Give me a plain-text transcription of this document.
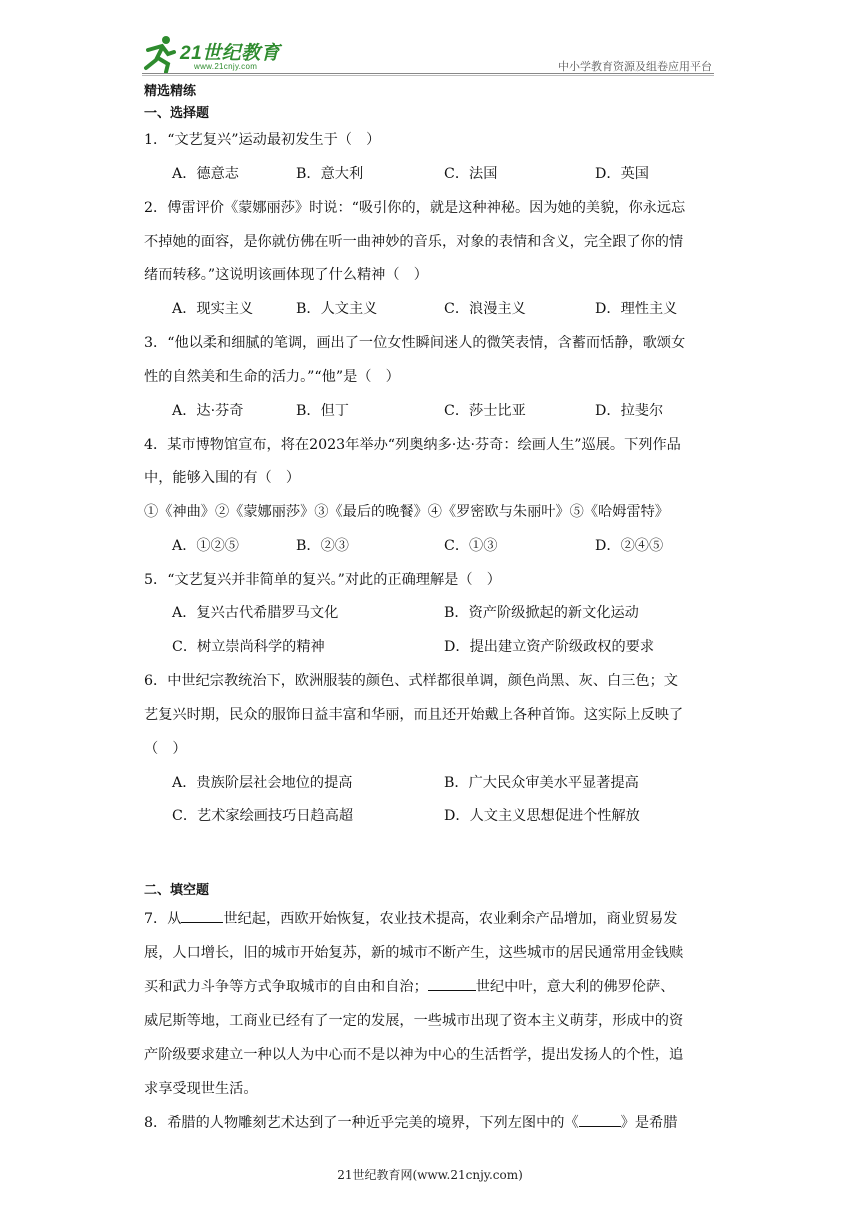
21世纪教育
www.21cnjy.com	中小学教育资源及组卷应用平台
精选精练
一、选择题
1．“文艺复兴”运动最初发生于（　）
A．德意志	B．意大利	C．法国	D．英国
2．傅雷评价《蒙娜丽莎》时说：“吸引你的，就是这种神秘。因为她的美貌，你永远忘
不掉她的面容，是你就仿佛在听一曲神妙的音乐，对象的表情和含义，完全跟了你的情
绪而转移。”这说明该画体现了什么精神（　）
A．现实主义	B．人文主义	C．浪漫主义	D．理性主义
3．“他以柔和细腻的笔调，画出了一位女性瞬间迷人的微笑表情，含蓄而恬静，歌颂女
性的自然美和生命的活力。”“他”是（　）
A．达·芬奇	B．但丁	C．莎士比亚	D．拉斐尔
4．某市博物馆宣布，将在2023年举办“列奥纳多·达·芬奇：绘画人生”巡展。下列作品
中，能够入围的有（　）
①《神曲》②《蒙娜丽莎》③《最后的晚餐》④《罗密欧与朱丽叶》⑤《哈姆雷特》
A．①②⑤	B．②③	C．①③	D．②④⑤
5．“文艺复兴并非简单的复兴。”对此的正确理解是（　）
A．复兴古代希腊罗马文化	B．资产阶级掀起的新文化运动
C．树立崇尚科学的精神	D．提出建立资产阶级政权的要求
6．中世纪宗教统治下，欧洲服装的颜色、式样都很单调，颜色尚黑、灰、白三色；文
艺复兴时期，民众的服饰日益丰富和华丽，而且还开始戴上各种首饰。这实际上反映了
（　）
A．贵族阶层社会地位的提高	B．广大民众审美水平显著提高
C．艺术家绘画技巧日趋高超	D．人文主义思想促进个性解放
二、填空题
7．从	世纪起，西欧开始恢复，农业技术提高，农业剩余产品增加，商业贸易发
展，人口增长，旧的城市开始复苏，新的城市不断产生，这些城市的居民通常用金钱赎
买和武力斗争等方式争取城市的自由和自治；	世纪中叶，意大利的佛罗伦萨、
威尼斯等地，工商业已经有了一定的发展，一些城市出现了资本主义萌芽，形成中的资
产阶级要求建立一种以人为中心而不是以神为中心的生活哲学，提出发扬人的个性，追
求享受现世生活。
8．希腊的人物雕刻艺术达到了一种近乎完美的境界，下列左图中的《	》是希腊
21世纪教育网(www.21cnjy.com)
